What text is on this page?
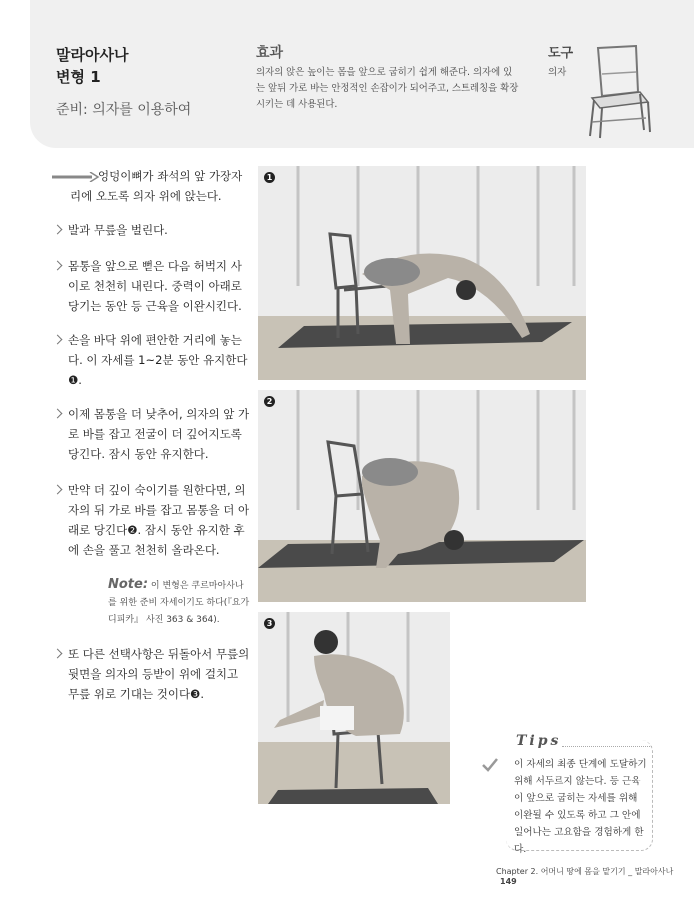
말라아사나
변형 1
준비: 의자를 이용하여
효과
의자의 앉은 높이는 몸을 앞으로 굽히기 쉽게 해준다. 의자에 있는 앞뒤 가로 바는 안정적인 손잡이가 되어주고, 스트레칭을 확장시키는 데 사용된다.
도구
의자
엉덩이뼈가 좌석의 앞 가장자리에 오도록 의자 위에 앉는다.
발과 무릎을 벌린다.
몸통을 앞으로 뻗은 다음 허벅지 사이로 천천히 내린다. 중력이 아래로 당기는 동안 등 근육을 이완시킨다.
손을 바닥 위에 편안한 거리에 놓는다. 이 자세를 1~2분 동안 유지한다❶.
이제 몸통을 더 낮추어, 의자의 앞 가로 바를 잡고 전굴이 더 깊어지도록 당긴다. 잠시 동안 유지한다.
만약 더 깊이 숙이기를 원한다면, 의자의 뒤 가로 바를 잡고 몸통을 더 아래로 당긴다❷. 잠시 동안 유지한 후에 손을 풀고 천천히 올라온다.
Note: 이 변형은 쿠르마아사나를 위한 준비 자세이기도 하다(『요가디피카』 사진 363 & 364).
또 다른 선택사항은 뒤돌아서 무릎의 뒷면을 의자의 등받이 위에 걸치고 무릎 위로 기대는 것이다❸.
1
2
3
Tips
이 자세의 최종 단계에 도달하기 위해 서두르지 않는다. 등 근육이 앞으로 굽히는 자세를 위해 이완될 수 있도록 하고 그 안에 일어나는 고요함을 경험하게 한다.
Chapter 2. 어머니 땅에 몸을 맡기기 _ 말라아사나 149
